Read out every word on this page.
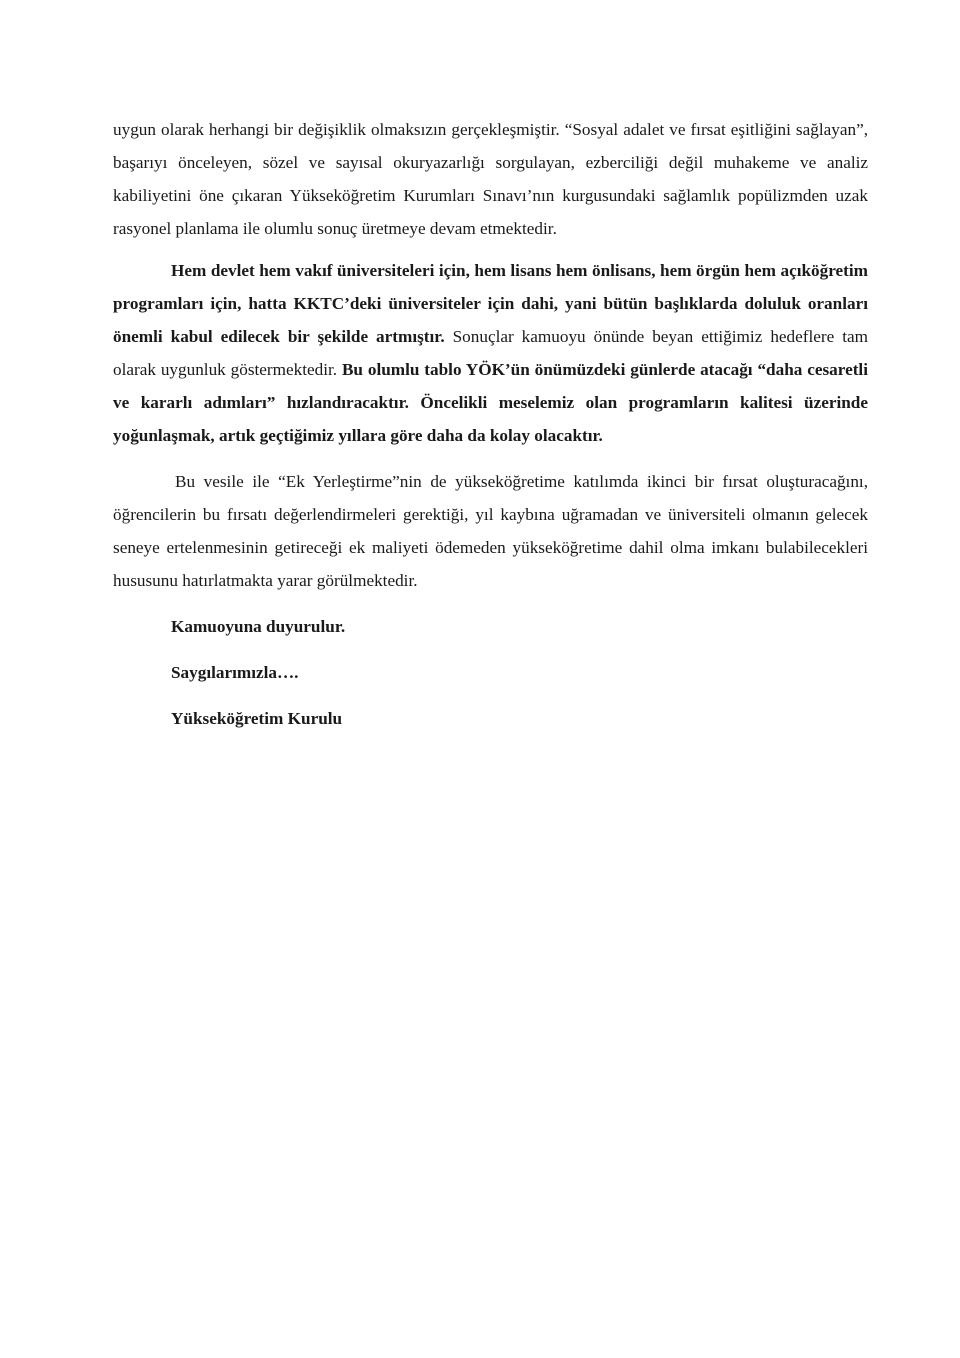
uygun olarak herhangi bir değişiklik olmaksızın gerçekleşmiştir. “Sosyal adalet ve fırsat eşitliğini sağlayan”, başarıyı önceleyen, sözel ve sayısal okuryazarlığı sorgulayan, ezberciliği değil muhakeme ve analiz kabiliyetini öne çıkaran Yükseköğretim Kurumları Sınavı’nın kurgusundaki sağlamlık popülizmden uzak rasyonel planlama ile olumlu sonuç üretmeye devam etmektedir.

Hem devlet hem vakıf üniversiteleri için, hem lisans hem önlisans, hem örgün hem açıköğretim programları için, hatta KKTC’deki üniversiteler için dahi, yani bütün başlıklarda doluluk oranları önemli kabul edilecek bir şekilde artmıştır. Sonuçlar kamuoyu önünde beyan ettiğimiz hedeflere tam olarak uygunluk göstermektedir. Bu olumlu tablo YÖK’ün önümüzdeki günlerde atacağı “daha cesaretli ve kararlı adımları” hızlandıracaktır. Öncelikli meselemiz olan programların kalitesi üzerinde yoğunlaşmak, artık geçtiğimiz yıllara göre daha da kolay olacaktır.

Bu vesile ile “Ek Yerleştirme”nin de yükseköğretime katılımda ikinci bir fırsat oluşturacağını, öğrencilerin bu fırsatı değerlendirmeleri gerektiği, yıl kaybına uğramadan ve üniversiteli olmanın gelecek seneye ertelenmesinin getireceği ek maliyeti ödemeden yükseköğretime dahil olma imkanı bulabilecekleri hususunu hatırlatmakta yarar görülmektedir.

Kamuoyuna duyurulur.

Saygılarımızla….

Yükseköğretim Kurulu
